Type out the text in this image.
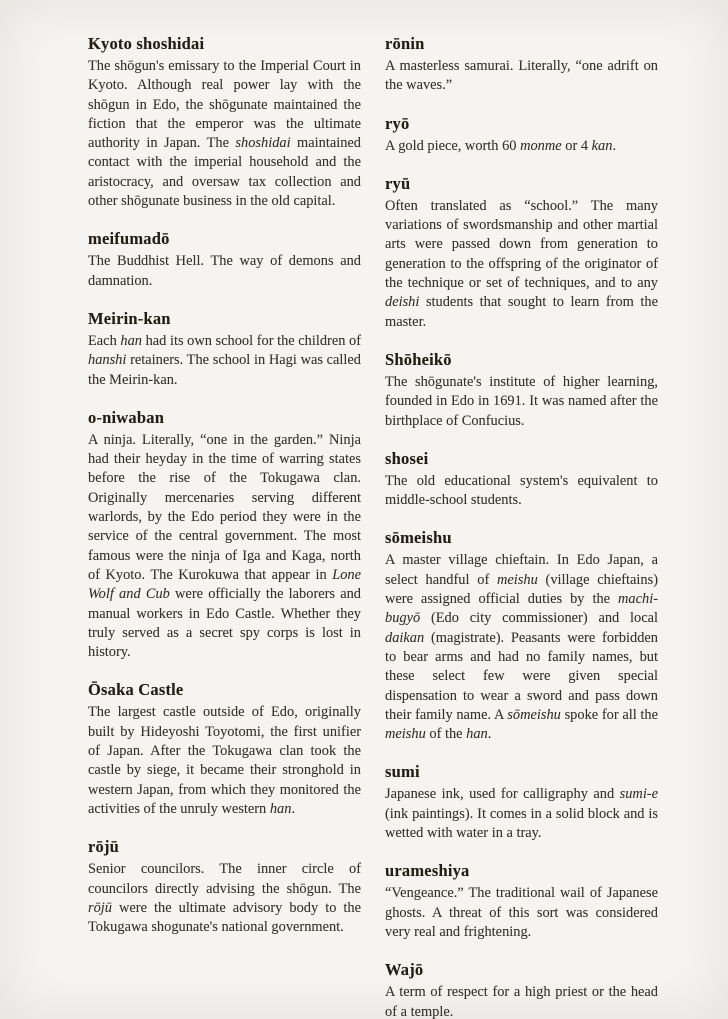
Kyoto shoshidai

The shōgun's emissary to the Imperial Court in Kyoto. Although real power lay with the shōgun in Edo, the shōgunate maintained the fiction that the emperor was the ultimate authority in Japan. The shoshidai maintained contact with the imperial household and the aristocracy, and oversaw tax collection and other shōgunate business in the old capital.

meifumadō

The Buddhist Hell. The way of demons and damnation.

Meirin-kan

Each han had its own school for the children of hanshi retainers. The school in Hagi was called the Meirin-kan.

o-niwaban

A ninja. Literally, “one in the garden.” Ninja had their heyday in the time of warring states before the rise of the Tokugawa clan. Originally mercenaries serving different warlords, by the Edo period they were in the service of the central government. The most famous were the ninja of Iga and Kaga, north of Kyoto. The Kurokuwa that appear in Lone Wolf and Cub were officially the laborers and manual workers in Edo Castle. Whether they truly served as a secret spy corps is lost in history.

Ōsaka Castle

The largest castle outside of Edo, originally built by Hideyoshi Toyotomi, the first unifier of Japan. After the Tokugawa clan took the castle by siege, it became their stronghold in western Japan, from which they monitored the activities of the unruly western han.

rōjū

Senior councilors. The inner circle of councilors directly advising the shōgun. The rōjū were the ultimate advisory body to the Tokugawa shogunate's national government.

rōnin

A masterless samurai. Literally, “one adrift on the waves.”

ryō

A gold piece, worth 60 monme or 4 kan.

ryū

Often translated as “school.” The many variations of swordsmanship and other martial arts were passed down from generation to generation to the offspring of the originator of the technique or set of techniques, and to any deishi students that sought to learn from the master.

Shōheikō

The shōgunate's institute of higher learning, founded in Edo in 1691. It was named after the birthplace of Confucius.

shosei

The old educational system's equivalent to middle-school students.

sōmeishu

A master village chieftain. In Edo Japan, a select handful of meishu (village chieftains) were assigned official duties by the machi-bugyō (Edo city commissioner) and local daikan (magistrate). Peasants were forbidden to bear arms and had no family names, but these select few were given special dispensation to wear a sword and pass down their family name. A sōmeishu spoke for all the meishu of the han.

sumi

Japanese ink, used for calligraphy and sumi-e (ink paintings). It comes in a solid block and is wetted with water in a tray.

urameshiya

“Vengeance.” The traditional wail of Japanese ghosts. A threat of this sort was considered very real and frightening.

Wajō

A term of respect for a high priest or the head of a temple.
